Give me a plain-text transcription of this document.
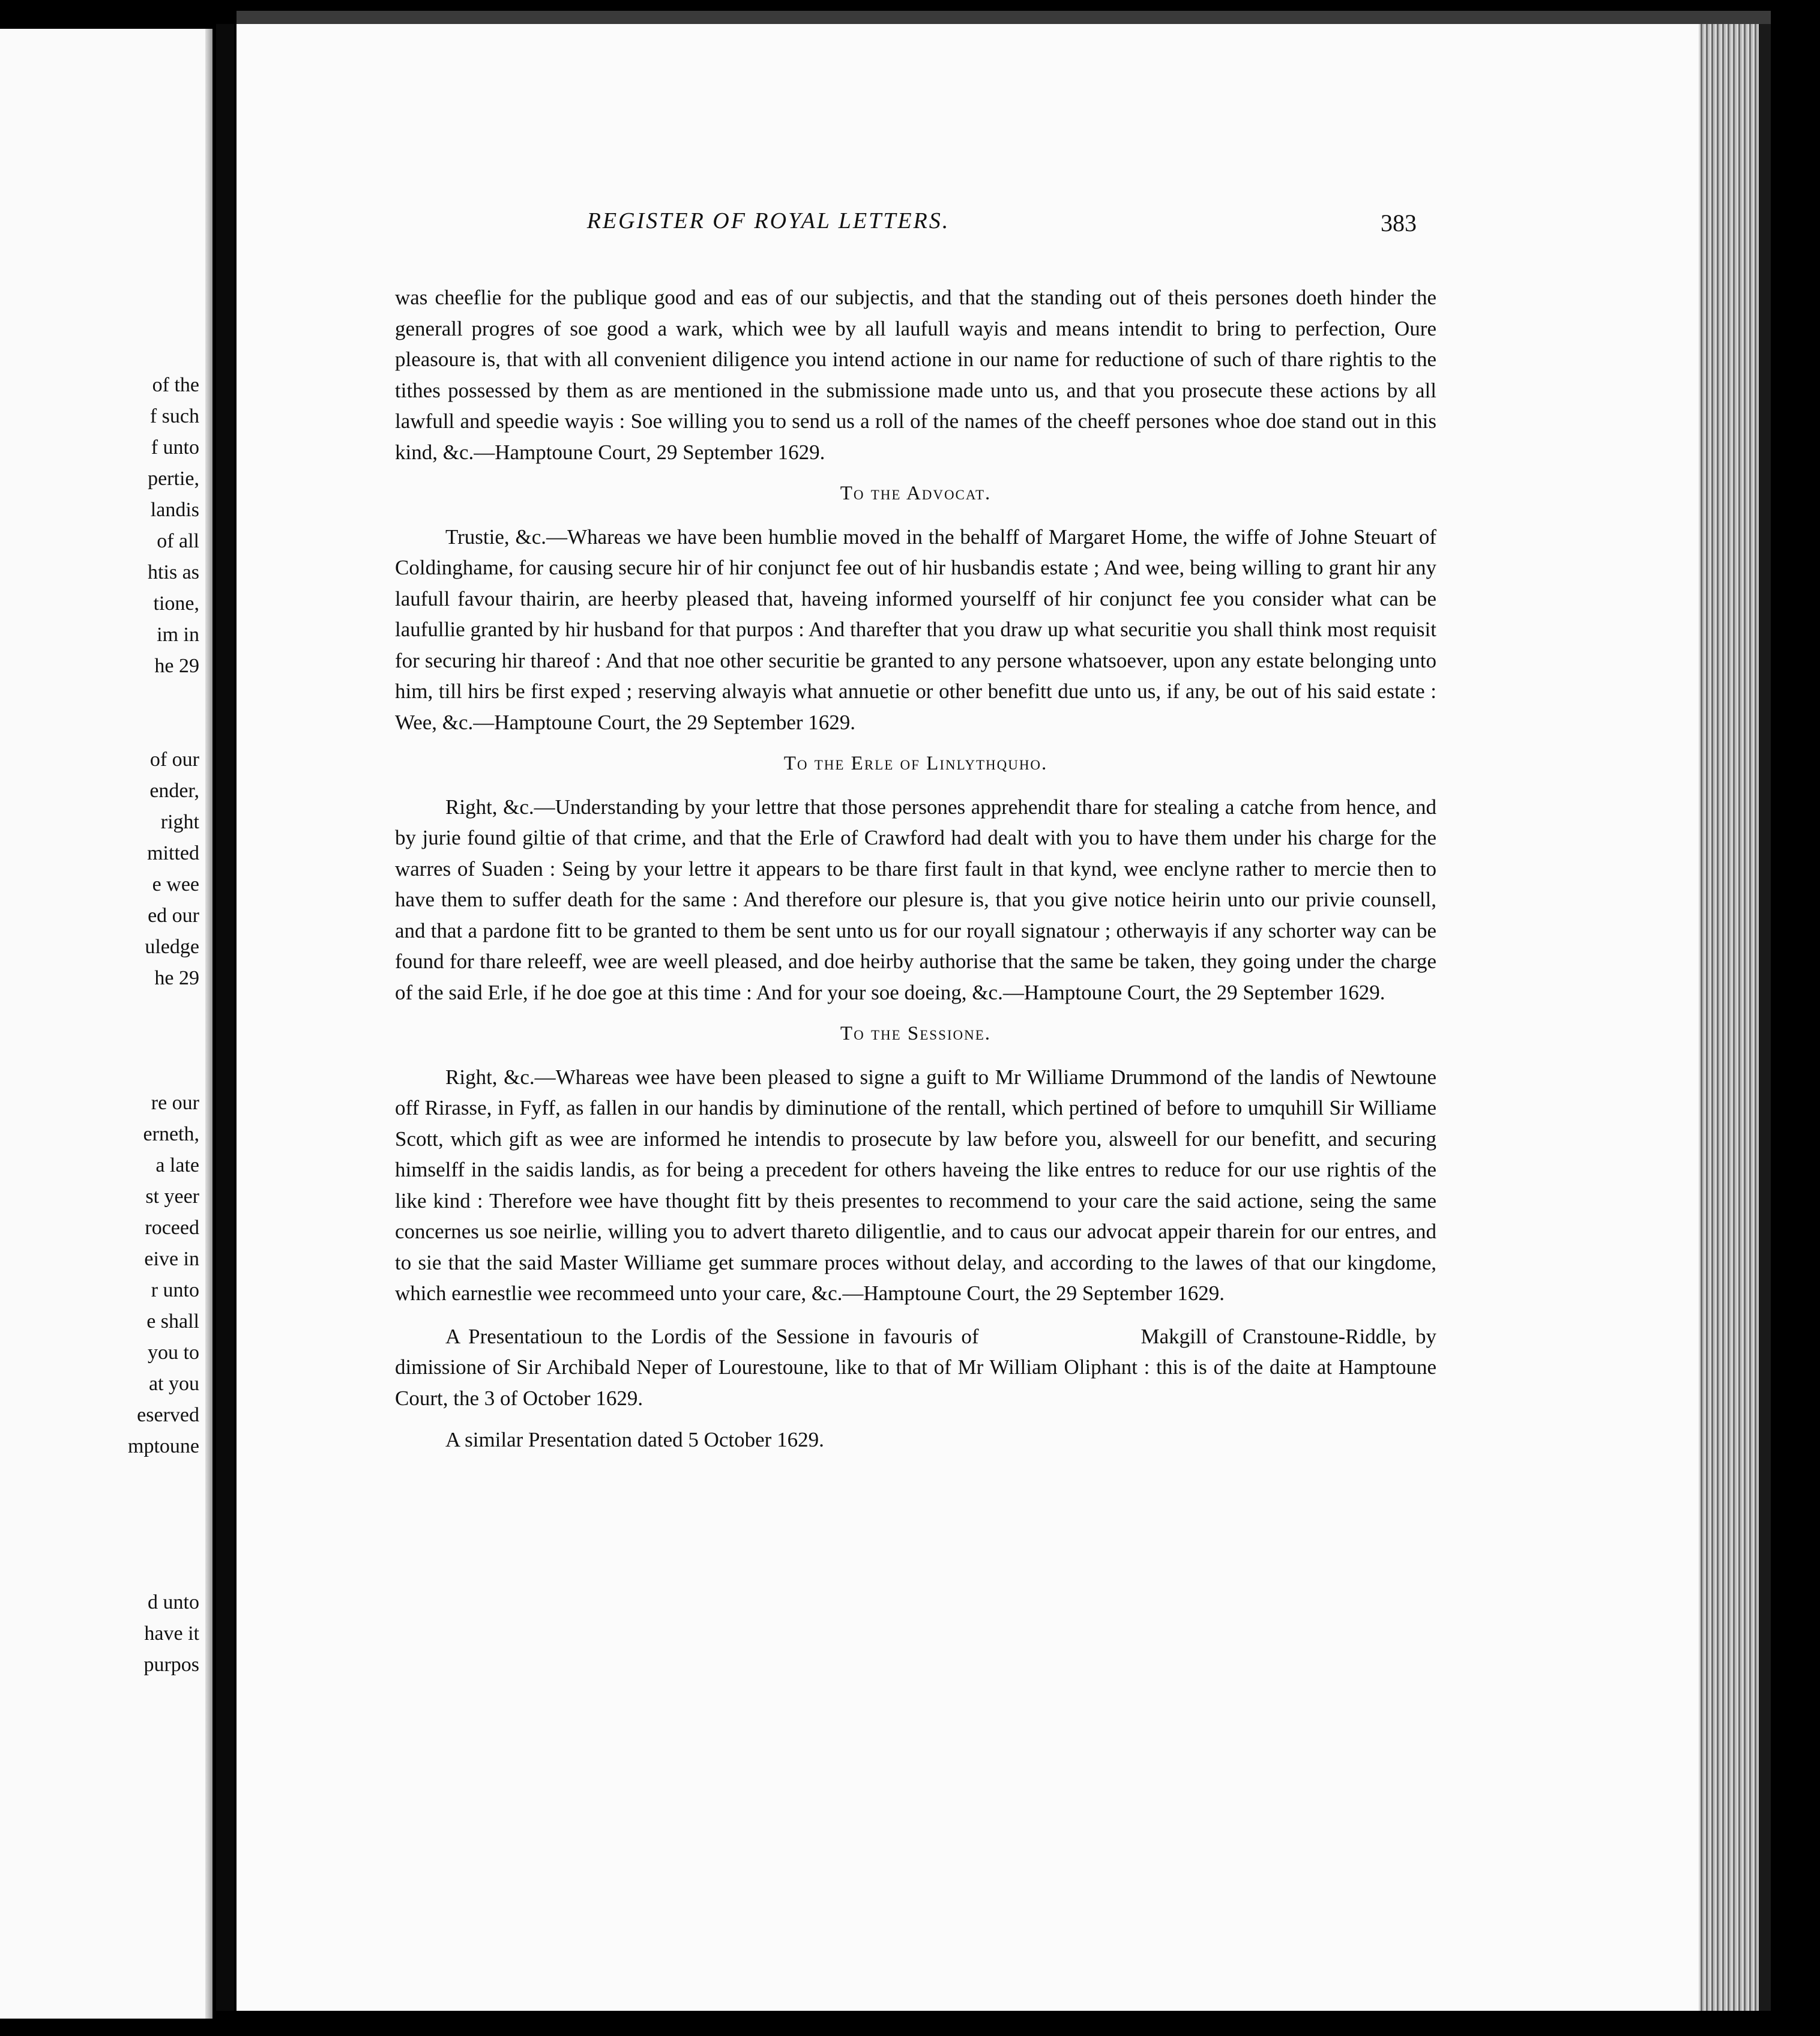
of the
f such
f unto
pertie,
landis
of all
htis as
tione,
im in
he 29
of our
ender,
right
mitted
e wee
ed our
uledge
he 29
re our
erneth,
a late
st yeer
roceed
eive in
r unto
e shall
you to
at you
eserved
mptoune
d unto
have it
purpos
REGISTER OF ROYAL LETTERS.	383

was cheeflie for the publique good and eas of our subjectis, and that the standing out of theis persones doeth hinder the generall progres of soe good a wark, which wee by all laufull wayis and means intendit to bring to perfection, Oure pleasoure is, that with all convenient diligence you intend actione in our name for reductione of such of thare rightis to the tithes possessed by them as are mentioned in the submissione made unto us, and that you prosecute these actions by all lawfull and speedie wayis : Soe willing you to send us a roll of the names of the cheeff persones whoe doe stand out in this kind, &c.—Hamptoune Court, 29 September 1629.

To the Advocat.

Trustie, &c.—Whareas we have been humblie moved in the behalff of Margaret Home, the wiffe of Johne Steuart of Coldinghame, for causing secure hir of hir conjunct fee out of hir husbandis estate ; And wee, being willing to grant hir any laufull favour thairin, are heerby pleased that, haveing informed yourselff of hir conjunct fee you consider what can be laufullie granted by hir husband for that purpos : And tharefter that you draw up what securitie you shall think most requisit for securing hir thareof : And that noe other securitie be granted to any persone whatsoever, upon any estate belonging unto him, till hirs be first exped ; reserving alwayis what annuetie or other benefitt due unto us, if any, be out of his said estate : Wee, &c.—Hamptoune Court, the 29 September 1629.

To the Erle of Linlythquho.

Right, &c.—Understanding by your lettre that those persones apprehendit thare for stealing a catche from hence, and by jurie found giltie of that crime, and that the Erle of Crawford had dealt with you to have them under his charge for the warres of Suaden : Seing by your lettre it appears to be thare first fault in that kynd, wee enclyne rather to mercie then to have them to suffer death for the same : And therefore our plesure is, that you give notice heirin unto our privie counsell, and that a pardone fitt to be granted to them be sent unto us for our royall signatour ; otherwayis if any schorter way can be found for thare releeff, wee are weell pleased, and doe heirby authorise that the same be taken, they going under the charge of the said Erle, if he doe goe at this time : And for your soe doeing, &c.—Hamptoune Court, the 29 September 1629.

To the Sessione.

Right, &c.—Whareas wee have been pleased to signe a guift to Mr Williame Drummond of the landis of Newtoune off Rirasse, in Fyff, as fallen in our handis by diminutione of the rentall, which pertined of before to umquhill Sir Williame Scott, which gift as wee are informed he intendis to prosecute by law before you, alsweell for our benefitt, and securing himselff in the saidis landis, as for being a precedent for others haveing the like entres to reduce for our use rightis of the like kind : Therefore wee have thought fitt by theis presentes to recommend to your care the said actione, seing the same concernes us soe neirlie, willing you to advert thareto diligentlie, and to caus our advocat appeir tharein for our entres, and to sie that the said Master Williame get summare proces without delay, and according to the lawes of that our kingdome, which earnestlie wee recommeed unto your care, &c.—Hamptoune Court, the 29 September 1629.

A Presentatioun to the Lordis of the Sessione in favouris of	Makgill of Cranstoune-Riddle, by dimissione of Sir Archibald Neper of Lourestoune, like to that of Mr William Oliphant : this is of the daite at Hamptoune Court, the 3 of October 1629.

A similar Presentation dated 5 October 1629.
